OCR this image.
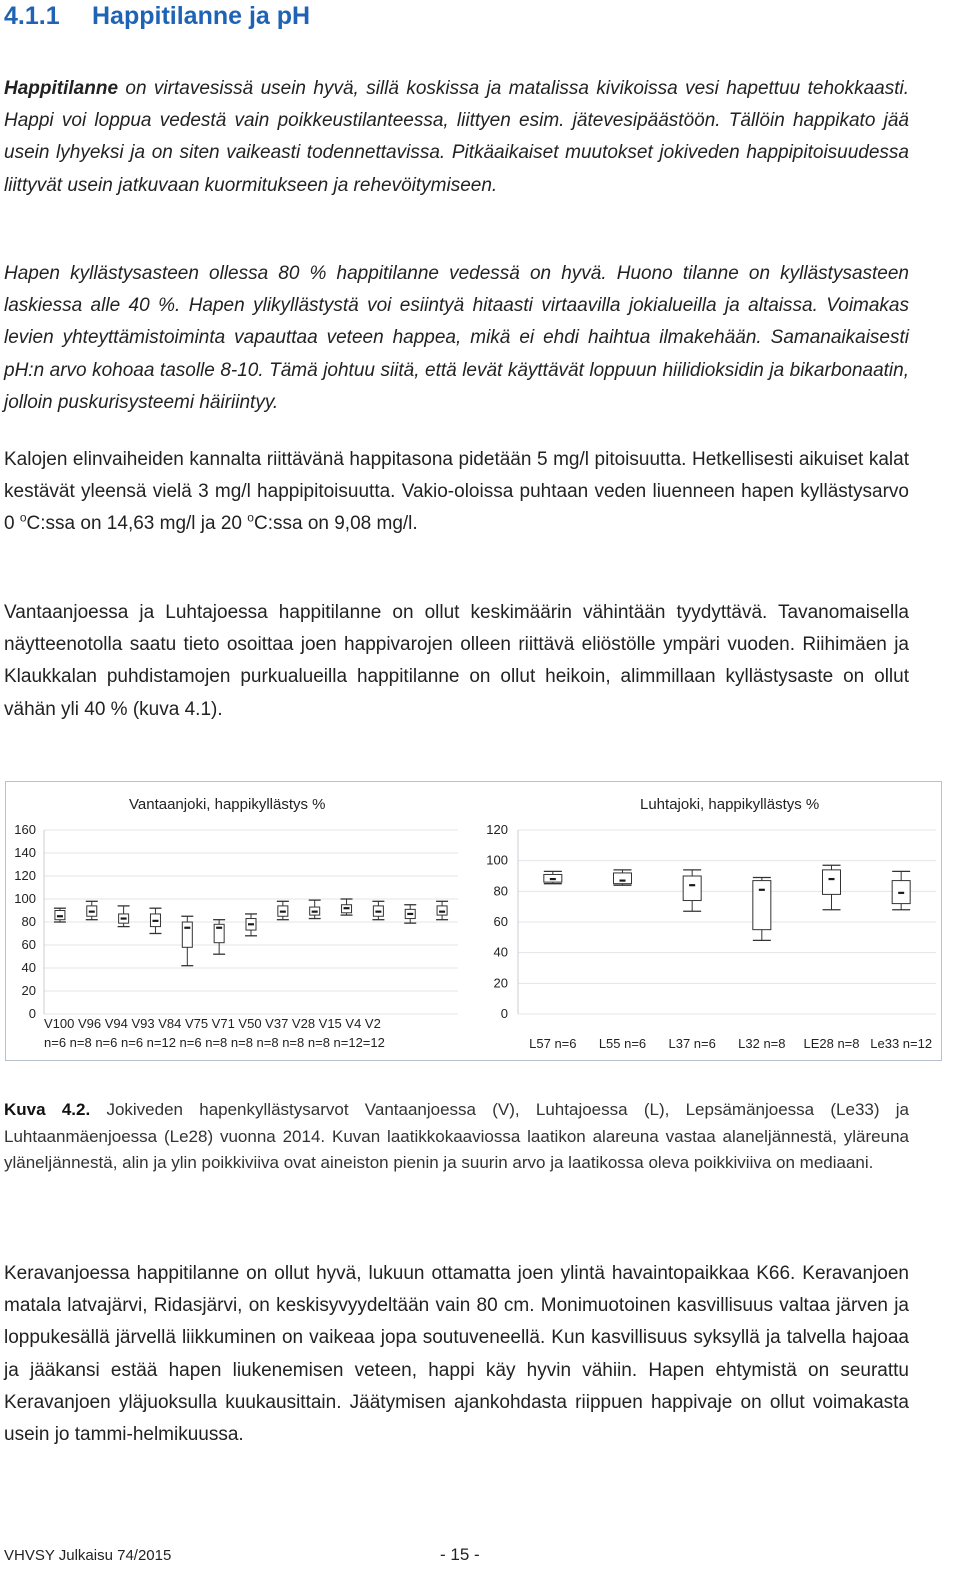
4.1.1 Happitilanne ja pH

Happitilanne on virtavesissä usein hyvä, sillä koskissa ja matalissa kivikoissa vesi hapettuu tehokkaasti. Happi voi loppua vedestä vain poikkeustilanteessa, liittyen esim. jätevesipäästöön. Tällöin happikato jää usein lyhyeksi ja on siten vaikeasti todennettavissa. Pitkäaikaiset muutokset jokiveden happipitoisuudessa liittyvät usein jatkuvaan kuormitukseen ja rehevöitymiseen.

Hapen kyllästysasteen ollessa 80 % happitilanne vedessä on hyvä. Huono tilanne on kyllästysasteen laskiessa alle 40 %. Hapen ylikyllästystä voi esiintyä hitaasti virtaavilla jokialueilla ja altaissa. Voimakas levien yhteyttämistoiminta vapauttaa veteen happea, mikä ei ehdi haihtua ilmakehään. Samanaikaisesti pH:n arvo kohoaa tasolle 8-10. Tämä johtuu siitä, että levät käyttävät loppuun hiilidioksidin ja bikarbonaatin, jolloin puskurisysteemi häiriintyy.

Kalojen elinvaiheiden kannalta riittävänä happitasona pidetään 5 mg/l pitoisuutta. Hetkellisesti aikuiset kalat kestävät yleensä vielä 3 mg/l happipitoisuutta. Vakio-oloissa puhtaan veden liuenneen hapen kyllästysarvo 0 $^o$C:ssa on 14,63 mg/l ja 20 $^o$C:ssa on 9,08 mg/l.

Vantaanjoessa ja Luhtajoessa happitilanne on ollut keskimäärin vähintään tyydyttävä. Tavanomaisella näytteenotolla saatu tieto osoittaa joen happivarojen olleen riittävä eliöstölle ympäri vuoden. Riihimäen ja Klaukkalan puhdistamojen purkualueilla happitilanne on ollut heikoin, alimmillaan kyllästysaste on ollut vähän yli 40 % (kuva 4.1).

Vantaanjoki, happikyllästys %
0
20
40
60
80
100
120
140
160
V100 V96 V94 V93 V84 V75 V71 V50 V37 V28 V15 V4 V2
n=6 n=8 n=6 n=6 n=12 n=6 n=8 n=8 n=8 n=8 n=8 n=12=12
Luhtajoki, happikyllästys %
0
20
40
60
80
100
120
L57 n=6 L55 n=6 L37 n=6 L32 n=8 LE28 n=8 Le33 n=12

Kuva 4.2. Jokiveden hapenkyllästysarvot Vantaanjoessa (V), Luhtajoessa (L), Lepsämänjoessa (Le33) ja Luhtaanmäenjoessa (Le28) vuonna 2014. Kuvan laatikkokaaviossa laatikon alareuna vastaa alaneljännestä, yläreuna yläneljännestä, alin ja ylin poikkiviiva ovat aineiston pienin ja suurin arvo ja laatikossa oleva poikkiviiva on mediaani.

Keravanjoessa happitilanne on ollut hyvä, lukuun ottamatta joen ylintä havaintopaikkaa K66. Keravanjoen matala latvajärvi, Ridasjärvi, on keskisyvyydeltään vain 80 cm. Monimuotoinen kasvillisuus valtaa järven ja loppukesällä järvellä liikkuminen on vaikeaa jopa soutuveneellä. Kun kasvillisuus syksyllä ja talvella hajoaa ja jääkansi estää hapen liukenemisen veteen, happi käy hyvin vähiin. Hapen ehtymistä on seurattu Keravanjoen yläjuoksulla kuukausittain. Jäätymisen ajankohdasta riippuen happivaje on ollut voimakasta usein jo tammi-helmikuussa.

VHVSY Julkaisu 74/2015	- 15 -
